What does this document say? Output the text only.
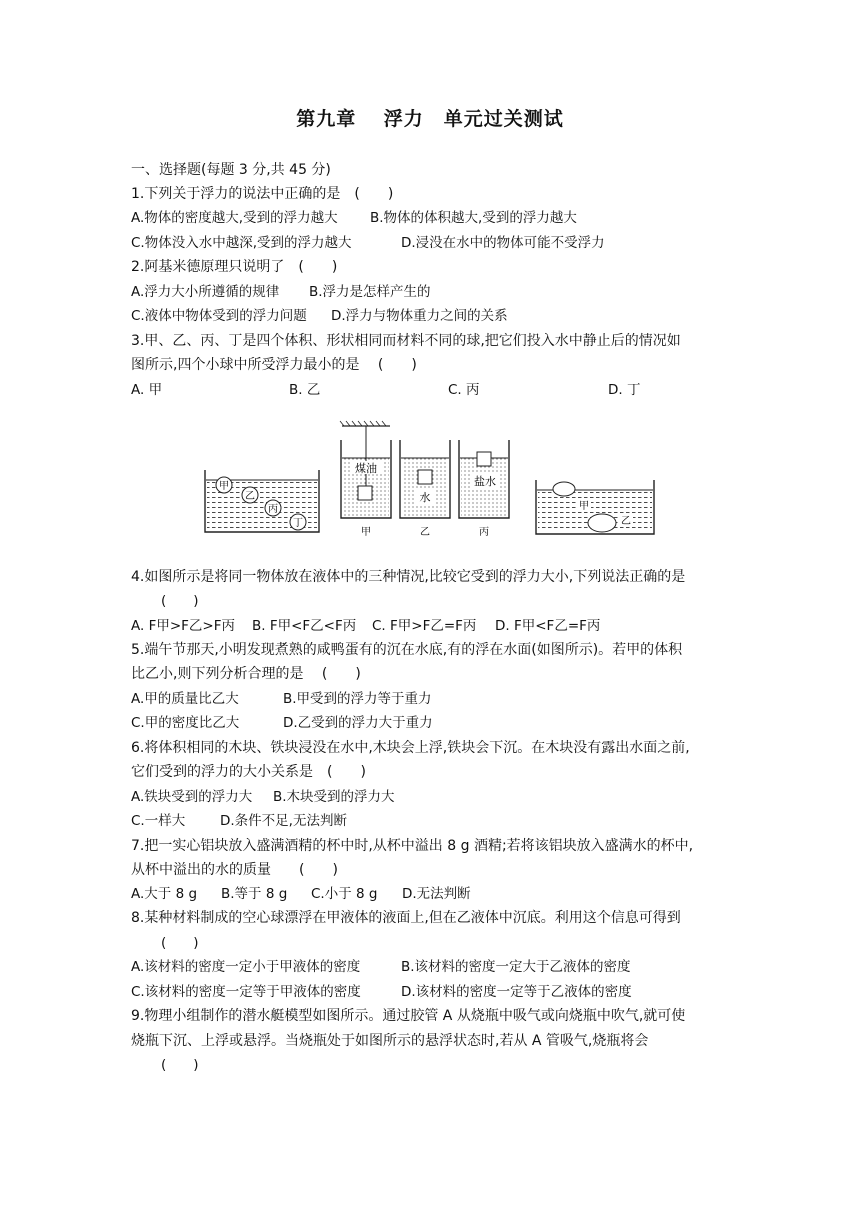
第九章　 浮力　单元过关测试
一、选择题(每题 3 分,共 45 分)
1.下列关于浮力的说法中正确的是　(　　)
A.物体的密度越大,受到的浮力越大 B.物体的体积越大,受到的浮力越大
C.物体没入水中越深,受到的浮力越大	D.浸没在水中的物体可能不受浮力
2.阿基米德原理只说明了　(　　)
A.浮力大小所遵循的规律 B.浮力是怎样产生的
C.液体中物体受到的浮力问题 D.浮力与物体重力之间的关系
3.甲、乙、丙、丁是四个体积、形状相同而材料不同的球,把它们投入水中静止后的情况如
图所示,四个小球中所受浮力最小的是　 (　　)
A. 甲	B. 乙	C. 丙	D. 丁
甲
乙
丙
丁
煤油
甲
水
乙
盐水
丙
甲
乙
4.如图所示是将同一物体放在液体中的三种情况,比较它受到的浮力大小,下列说法正确的是
(　　)
A. F甲>F乙>F丙 B. F甲<F乙<F丙 C. F甲>F乙=F丙 D. F甲<F乙=F丙
5.端午节那天,小明发现煮熟的咸鸭蛋有的沉在水底,有的浮在水面(如图所示)。若甲的体积
比乙小,则下列分析合理的是　 (　　)
A.甲的质量比乙大	B.甲受到的浮力等于重力
C.甲的密度比乙大	D.乙受到的浮力大于重力
6.将体积相同的木块、铁块浸没在水中,木块会上浮,铁块会下沉。在木块没有露出水面之前,
它们受到的浮力的大小关系是　(　　)
A.铁块受到的浮力大 B.木块受到的浮力大
C.一样大	D.条件不足,无法判断
7.把一实心铝块放入盛满酒精的杯中时,从杯中溢出 8 g 酒精;若将该铝块放入盛满水的杯中,
从杯中溢出的水的质量　　(　　)
A.大于 8 g B.等于 8 g C.小于 8 g D.无法判断
8.某种材料制成的空心球漂浮在甲液体的液面上,但在乙液体中沉底。利用这个信息可得到
(　　)
A.该材料的密度一定小于甲液体的密度	B.该材料的密度一定大于乙液体的密度
C.该材料的密度一定等于甲液体的密度	D.该材料的密度一定等于乙液体的密度
9.物理小组制作的潜水艇模型如图所示。通过胶管 A 从烧瓶中吸气或向烧瓶中吹气,就可使
烧瓶下沉、上浮或悬浮。当烧瓶处于如图所示的悬浮状态时,若从 A 管吸气,烧瓶将会
(　　)
